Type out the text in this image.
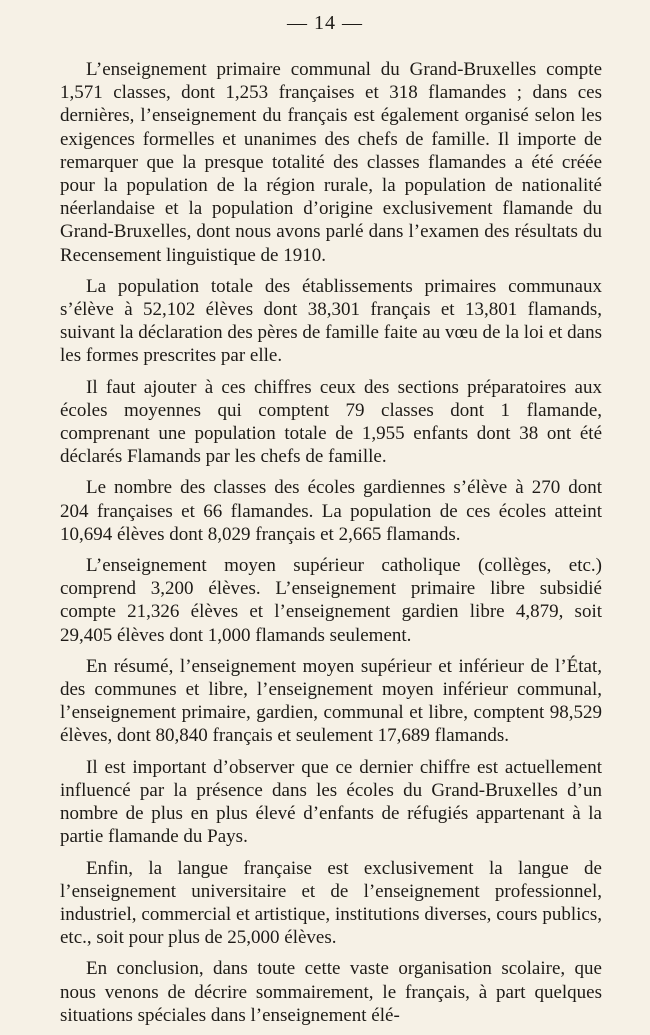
— 14 —

L’enseignement primaire communal du Grand-Bruxelles compte 1,571 classes, dont 1,253 françaises et 318 flamandes ; dans ces dernières, l’enseignement du français est également organisé selon les exigences formelles et unanimes des chefs de famille. Il importe de remarquer que la presque totalité des classes flamandes a été créée pour la population de la région rurale, la population de nationalité néerlandaise et la population d’origine exclusivement flamande du Grand-Bruxelles, dont nous avons parlé dans l’examen des résultats du Recensement linguistique de 1910.

La population totale des établissements primaires communaux s’élève à 52,102 élèves dont 38,301 français et 13,801 flamands, suivant la déclaration des pères de famille faite au vœu de la loi et dans les formes prescrites par elle.

Il faut ajouter à ces chiffres ceux des sections préparatoires aux écoles moyennes qui comptent 79 classes dont 1 flamande, comprenant une population totale de 1,955 enfants dont 38 ont été déclarés Flamands par les chefs de famille.

Le nombre des classes des écoles gardiennes s’élève à 270 dont 204 françaises et 66 flamandes. La population de ces écoles atteint 10,694 élèves dont 8,029 français et 2,665 flamands.

L’enseignement moyen supérieur catholique (collèges, etc.) comprend 3,200 élèves. L’enseignement primaire libre subsidié compte 21,326 élèves et l’enseignement gardien libre 4,879, soit 29,405 élèves dont 1,000 flamands seulement.

En résumé, l’enseignement moyen supérieur et inférieur de l’État, des communes et libre, l’enseignement moyen inférieur communal, l’enseignement primaire, gardien, communal et libre, comptent 98,529 élèves, dont 80,840 français et seulement 17,689 flamands.

Il est important d’observer que ce dernier chiffre est actuellement influencé par la présence dans les écoles du Grand-Bruxelles d’un nombre de plus en plus élevé d’enfants de réfugiés appartenant à la partie flamande du Pays.

Enfin, la langue française est exclusivement la langue de l’enseignement universitaire et de l’enseignement professionnel, industriel, commercial et artistique, institutions diverses, cours publics, etc., soit pour plus de 25,000 élèves.

En conclusion, dans toute cette vaste organisation scolaire, que nous venons de décrire sommairement, le français, à part quelques situations spéciales dans l’enseignement élé-
